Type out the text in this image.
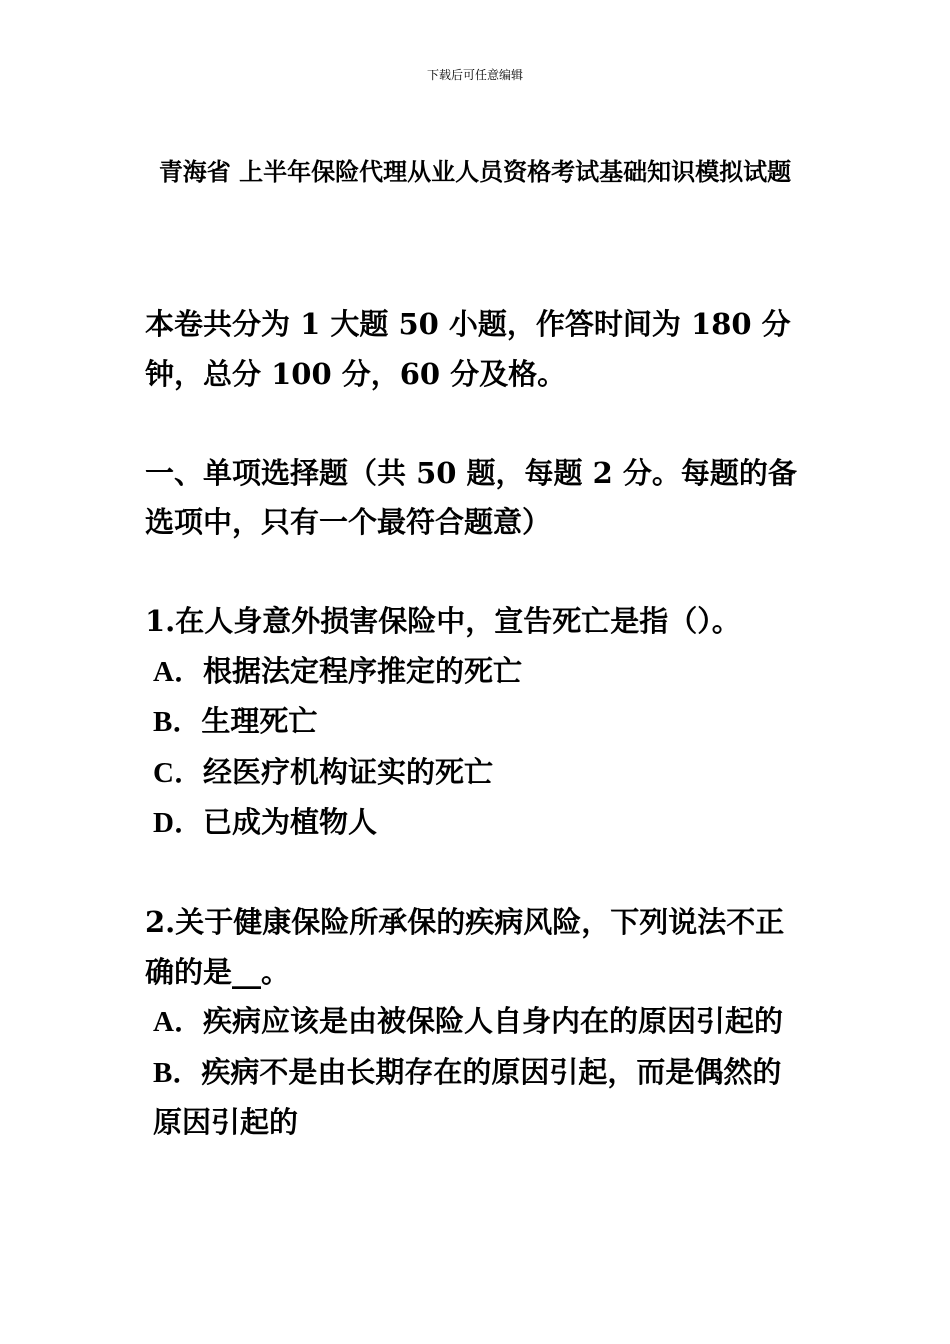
下载后可任意编辑
青海省 上半年保险代理从业人员资格考试基础知识模拟试题

本卷共分为 1 大题 50 小题，作答时间为 180 分钟，总分 100 分，60 分及格。

一、单项选择题（共 50 题，每题 2 分。每题的备选项中，只有一个最符合题意）

1.在人身意外损害保险中，宣告死亡是指（）。

A．根据法定程序推定的死亡

B．生理死亡

C．经医疗机构证实的死亡

D．已成为植物人

2.关于健康保险所承保的疾病风险，下列说法不正确的是__。

A．疾病应该是由被保险人自身内在的原因引起的

B．疾病不是由长期存在的原因引起，而是偶然的原因引起的
